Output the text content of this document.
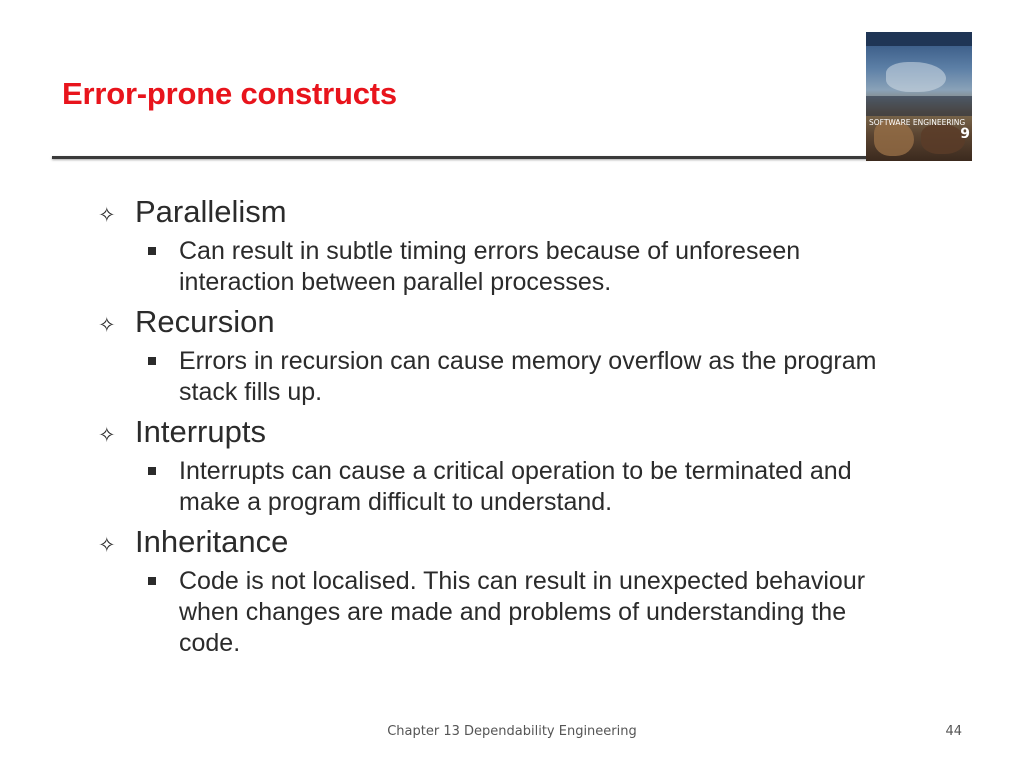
Error-prone constructs
SOFTWARE ENGINEERING
9
✧ Parallelism
Can result in subtle timing errors because of unforeseen interaction between parallel processes.
✧ Recursion
Errors in recursion can cause memory overflow as the program stack fills up.
✧ Interrupts
Interrupts can cause a critical operation to be terminated and make a program difficult to understand.
✧ Inheritance
Code is not localised. This can result in unexpected behaviour when changes are made and problems of understanding the code.
Chapter 13 Dependability Engineering	44
